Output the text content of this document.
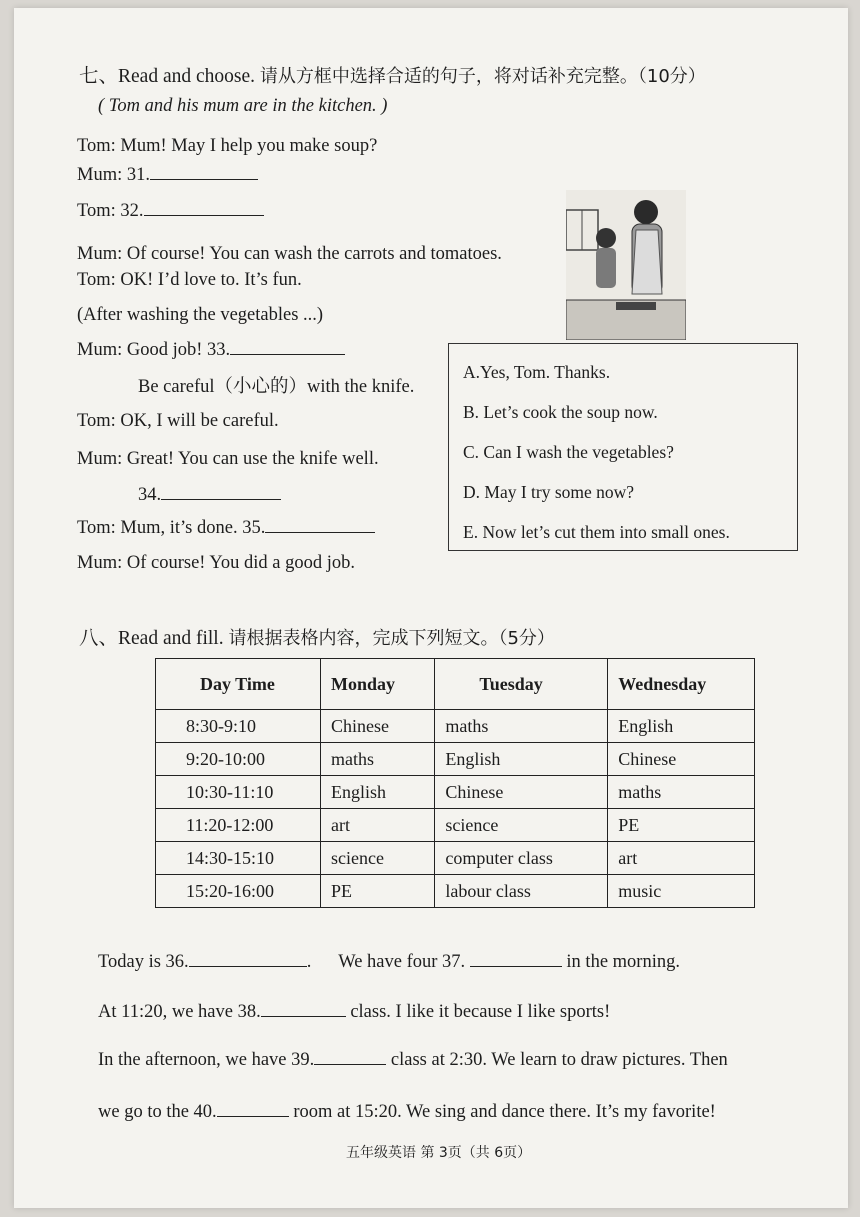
七、Read and choose. 请从方框中选择合适的句子，将对话补充完整。（10分）
( Tom and his mum are in the kitchen. )
Tom: Mum! May I help you make soup?
Mum: 31.
Tom: 32.
Mum: Of course! You can wash the carrots and tomatoes.
Tom: OK! I’d love to. It’s fun.
(After washing the vegetables ...)
Mum: Good job! 33.
Be careful（小心的）with the knife.
Tom: OK, I will be careful.
Mum: Great! You can use the knife well.
34.
Tom: Mum, it’s done. 35.
Mum: Of course! You did a good job.
A.Yes, Tom. Thanks.
B. Let’s cook the soup now.
C. Can I wash the vegetables?
D. May I try some now?
E. Now let’s cut them into small ones.
八、Read and fill. 请根据表格内容，完成下列短文。（5分）
Day Time	Monday	Tuesday	Wednesday
8:30-9:10	Chinese	maths	English
9:20-10:00	maths	English	Chinese
10:30-11:10	English	Chinese	maths
11:20-12:00	art	science	PE
14:30-15:10	science	computer class	art
15:20-16:00	PE	labour class	music
Today is 36.	. We have four 37.	in the morning.
At 11:20, we have 38.	class. I like it because I like sports!
In the afternoon, we have 39.	class at 2:30. We learn to draw pictures. Then
we go to the 40.	room at 15:20. We sing and dance there. It’s my favorite!
五年级英语 第 3页（共 6页）
